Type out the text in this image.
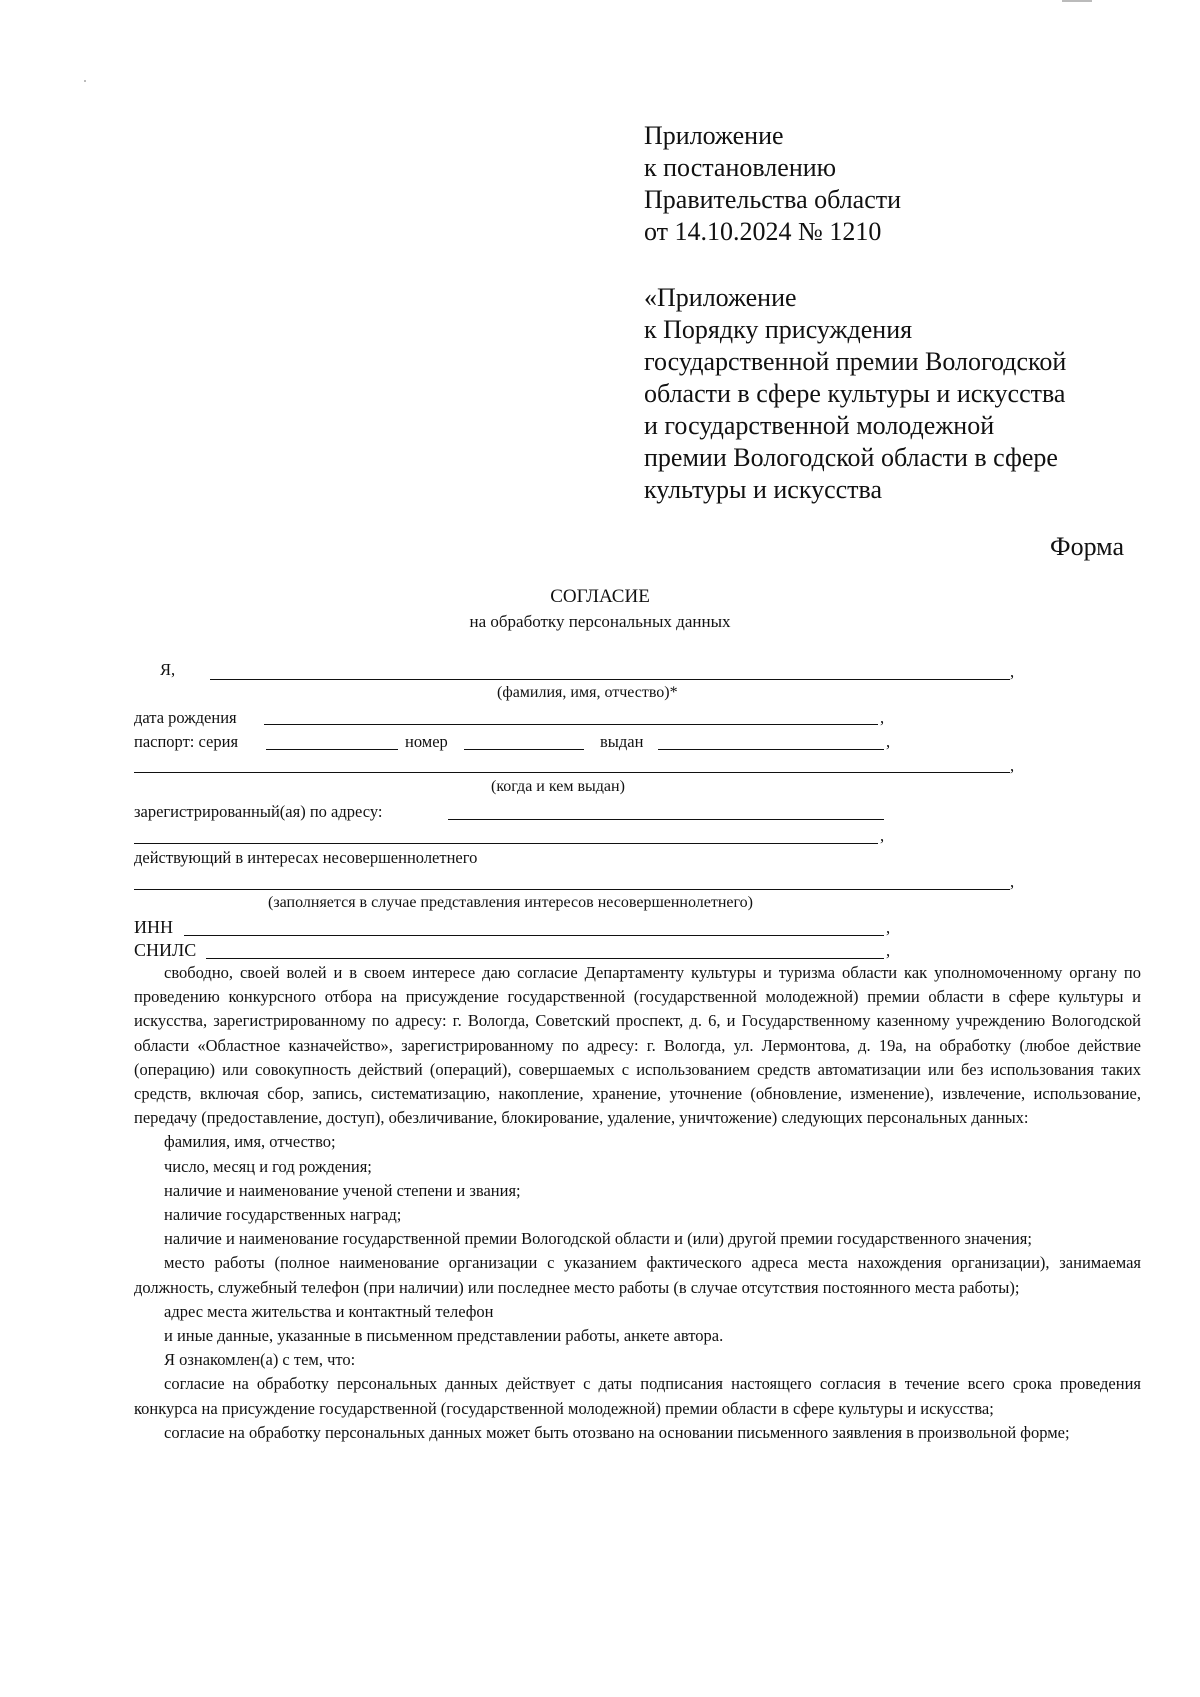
Приложение
к постановлению
Правительства области
от 14.10.2024 № 1210
«Приложение
к Порядку присуждения
государственной премии Вологодской
области в сфере культуры и искусства
и государственной молодежной
премии Вологодской области в сфере
культуры и искусства
Форма
СОГЛАСИЕ
на обработку персональных данных
Я,	,
(фамилия, имя, отчество)*
дата рождения	,
паспорт: серия	номер	выдан	,
,
(когда и кем выдан)
зарегистрированный(ая) по адресу:
,
действующий в интересах несовершеннолетнего
,
(заполняется в случае представления интересов несовершеннолетнего)
ИНН	,
СНИЛС	,

свободно, своей волей и в своем интересе даю согласие Департаменту культуры и туризма области как уполномоченному органу по проведению конкурсного отбора на присуждение государственной (государственной молодежной) премии области в сфере культуры и искусства, зарегистрированному по адресу: г. Вологда, Советский проспект, д. 6, и Государственному казенному учреждению Вологодской области «Областное казначейство», зарегистрированному по адресу: г. Вологда, ул. Лермонтова, д. 19а, на обработку (любое действие (операцию) или совокупность действий (операций), совершаемых с использованием средств автоматизации или без использования таких средств, включая сбор, запись, систематизацию, накопление, хранение, уточнение (обновление, изменение), извлечение, использование, передачу (предоставление, доступ), обезличивание, блокирование, удаление, уничтожение) следующих персональных данных:

фамилия, имя, отчество;

число, месяц и год рождения;

наличие и наименование ученой степени и звания;

наличие государственных наград;

наличие и наименование государственной премии Вологодской области и (или) другой премии государственного значения;

место работы (полное наименование организации с указанием фактического адреса места нахождения организации), занимаемая должность, служебный телефон (при наличии) или последнее место работы (в случае отсутствия постоянного места работы);

адрес места жительства и контактный телефон

и иные данные, указанные в письменном представлении работы, анкете автора.

Я ознакомлен(а) с тем, что:

согласие на обработку персональных данных действует с даты подписания настоящего согласия в течение всего срока проведения конкурса на присуждение государственной (государственной молодежной) премии области в сфере культуры и искусства;

согласие на обработку персональных данных может быть отозвано на основании письменного заявления в произвольной форме;
